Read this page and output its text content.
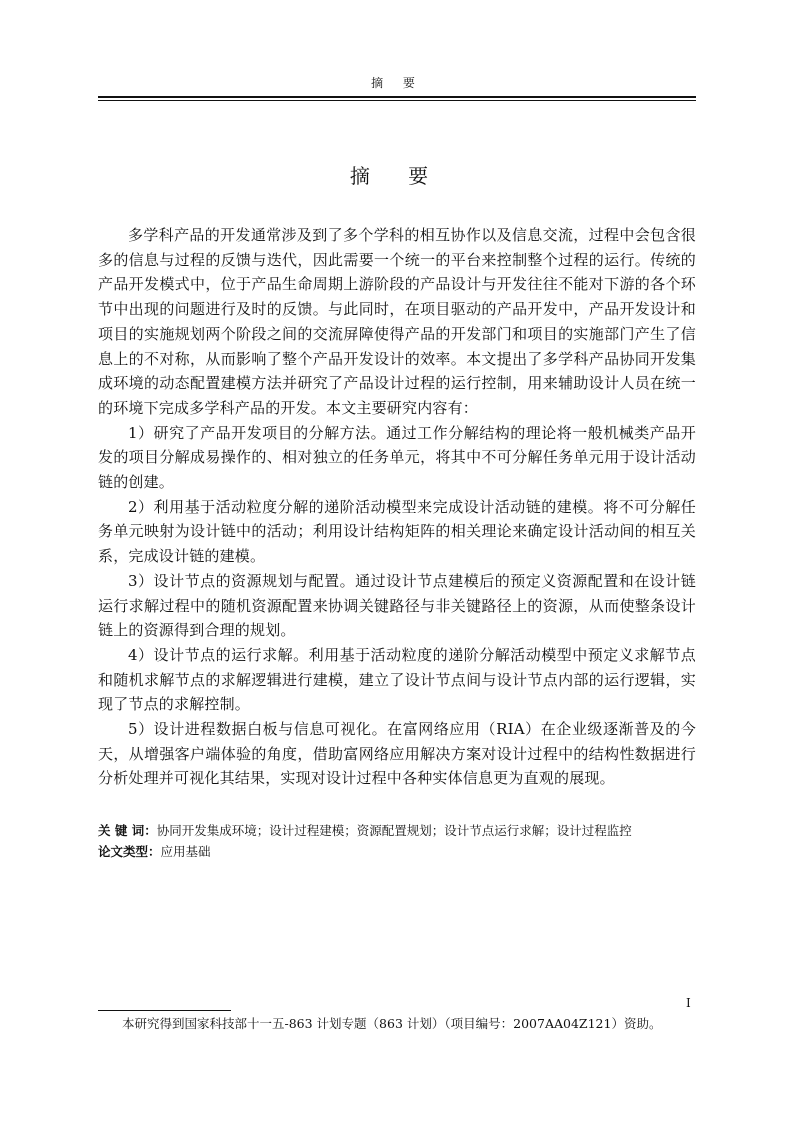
摘 要
摘 要

多学科产品的开发通常涉及到了多个学科的相互协作以及信息交流，过程中会包含很多的信息与过程的反馈与迭代，因此需要一个统一的平台来控制整个过程的运行。传统的产品开发模式中，位于产品生命周期上游阶段的产品设计与开发往往不能对下游的各个环节中出现的问题进行及时的反馈。与此同时，在项目驱动的产品开发中，产品开发设计和项目的实施规划两个阶段之间的交流屏障使得产品的开发部门和项目的实施部门产生了信息上的不对称，从而影响了整个产品开发设计的效率。本文提出了多学科产品协同开发集成环境的动态配置建模方法并研究了产品设计过程的运行控制，用来辅助设计人员在统一的环境下完成多学科产品的开发。本文主要研究内容有：

1）研究了产品开发项目的分解方法。通过工作分解结构的理论将一般机械类产品开发的项目分解成易操作的、相对独立的任务单元，将其中不可分解任务单元用于设计活动链的创建。

2）利用基于活动粒度分解的递阶活动模型来完成设计活动链的建模。将不可分解任务单元映射为设计链中的活动；利用设计结构矩阵的相关理论来确定设计活动间的相互关系，完成设计链的建模。

3）设计节点的资源规划与配置。通过设计节点建模后的预定义资源配置和在设计链运行求解过程中的随机资源配置来协调关键路径与非关键路径上的资源，从而使整条设计链上的资源得到合理的规划。

4）设计节点的运行求解。利用基于活动粒度的递阶分解活动模型中预定义求解节点和随机求解节点的求解逻辑进行建模，建立了设计节点间与设计节点内部的运行逻辑，实现了节点的求解控制。

5）设计进程数据白板与信息可视化。在富网络应用（RIA）在企业级逐渐普及的今天，从增强客户端体验的角度，借助富网络应用解决方案对设计过程中的结构性数据进行分析处理并可视化其结果，实现对设计过程中各种实体信息更为直观的展现。

关 键 词：协同开发集成环境；设计过程建模；资源配置规划；设计节点运行求解；设计过程监控
论文类型：应用基础
I
本研究得到国家科技部十一五-863 计划专题（863 计划）（项目编号：2007AA04Z121）资助。
